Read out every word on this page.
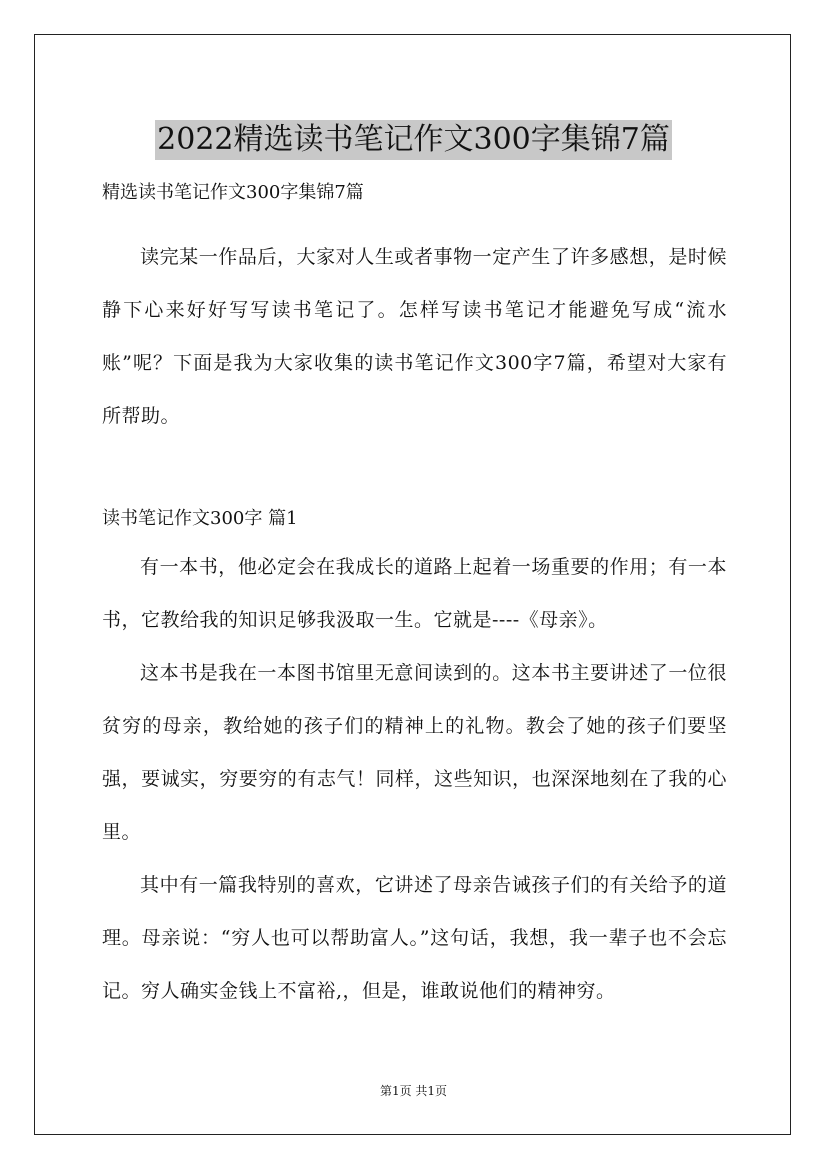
2022精选读书笔记作文300字集锦7篇

精选读书笔记作文300字集锦7篇

读完某一作品后，大家对人生或者事物一定产生了许多感想，是时候静下心来好好写写读书笔记了。怎样写读书笔记才能避免写成“流水账”呢？下面是我为大家收集的读书笔记作文300字7篇，希望对大家有所帮助。

读书笔记作文300字 篇1

有一本书，他必定会在我成长的道路上起着一场重要的作用；有一本书，它教给我的知识足够我汲取一生。它就是----《母亲》。

这本书是我在一本图书馆里无意间读到的。这本书主要讲述了一位很贫穷的母亲，教给她的孩子们的精神上的礼物。教会了她的孩子们要坚强，要诚实，穷要穷的有志气！同样，这些知识，也深深地刻在了我的心里。

其中有一篇我特别的喜欢，它讲述了母亲告诫孩子们的有关给予的道理。母亲说：“穷人也可以帮助富人。”这句话，我想，我一辈子也不会忘记。穷人确实金钱上不富裕,，但是，谁敢说他们的精神穷。

第1页 共1页
